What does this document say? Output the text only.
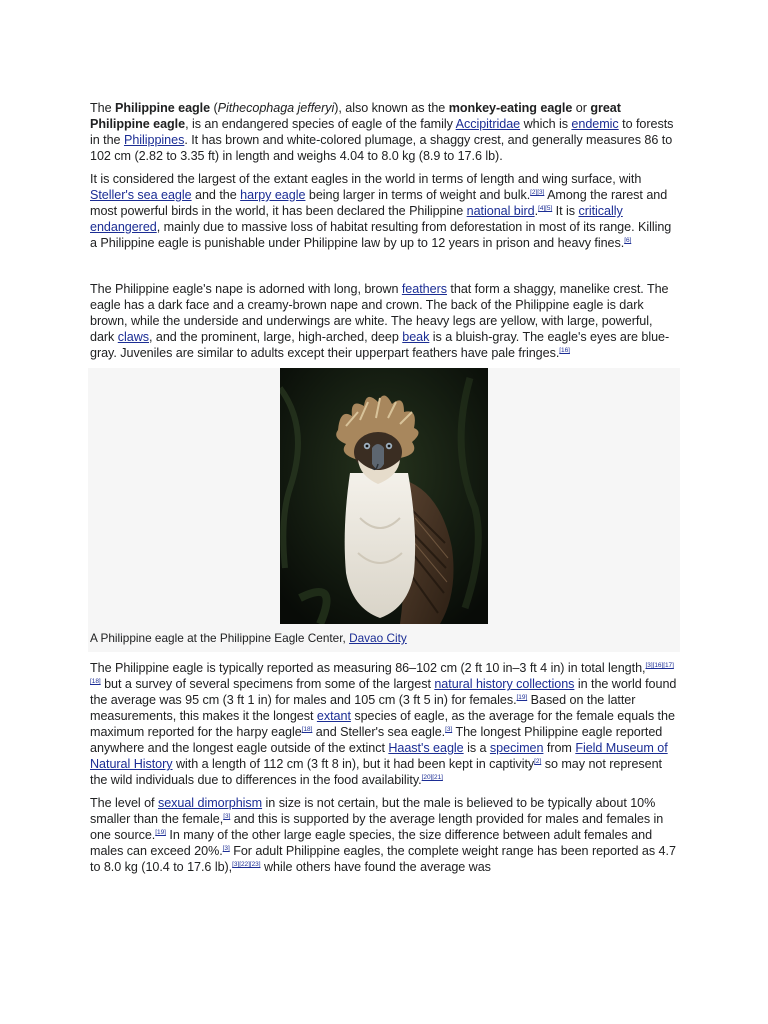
The Philippine eagle (Pithecophaga jefferyi), also known as the monkey-eating eagle or great Philippine eagle, is an endangered species of eagle of the family Accipitridae which is endemic to forests in the Philippines. It has brown and white-colored plumage, a shaggy crest, and generally measures 86 to 102 cm (2.82 to 3.35 ft) in length and weighs 4.04 to 8.0 kg (8.9 to 17.6 lb).

It is considered the largest of the extant eagles in the world in terms of length and wing surface, with Steller's sea eagle and the harpy eagle being larger in terms of weight and bulk.[2][3] Among the rarest and most powerful birds in the world, it has been declared the Philippine national bird.[4][5] It is critically endangered, mainly due to massive loss of habitat resulting from deforestation in most of its range. Killing a Philippine eagle is punishable under Philippine law by up to 12 years in prison and heavy fines.[6]

The Philippine eagle's nape is adorned with long, brown feathers that form a shaggy, manelike crest. The eagle has a dark face and a creamy-brown nape and crown. The back of the Philippine eagle is dark brown, while the underside and underwings are white. The heavy legs are yellow, with large, powerful, dark claws, and the prominent, large, high-arched, deep beak is a bluish-gray. The eagle's eyes are blue-gray. Juveniles are similar to adults except their upperpart feathers have pale fringes.[16]

A Philippine eagle at the Philippine Eagle Center, Davao City

The Philippine eagle is typically reported as measuring 86–102 cm (2 ft 10 in–3 ft 4 in) in total length,[3][16][17][18] but a survey of several specimens from some of the largest natural history collections in the world found the average was 95 cm (3 ft 1 in) for males and 105 cm (3 ft 5 in) for females.[19] Based on the latter measurements, this makes it the longest extant species of eagle, as the average for the female equals the maximum reported for the harpy eagle[18] and Steller's sea eagle.[3] The longest Philippine eagle reported anywhere and the longest eagle outside of the extinct Haast's eagle is a specimen from Field Museum of Natural History with a length of 112 cm (3 ft 8 in), but it had been kept in captivity[2] so may not represent the wild individuals due to differences in the food availability.[20][21]

The level of sexual dimorphism in size is not certain, but the male is believed to be typically about 10% smaller than the female,[3] and this is supported by the average length provided for males and females in one source.[19] In many of the other large eagle species, the size difference between adult females and males can exceed 20%.[3] For adult Philippine eagles, the complete weight range has been reported as 4.7 to 8.0 kg (10.4 to 17.6 lb),[3][22][23] while others have found the average was
